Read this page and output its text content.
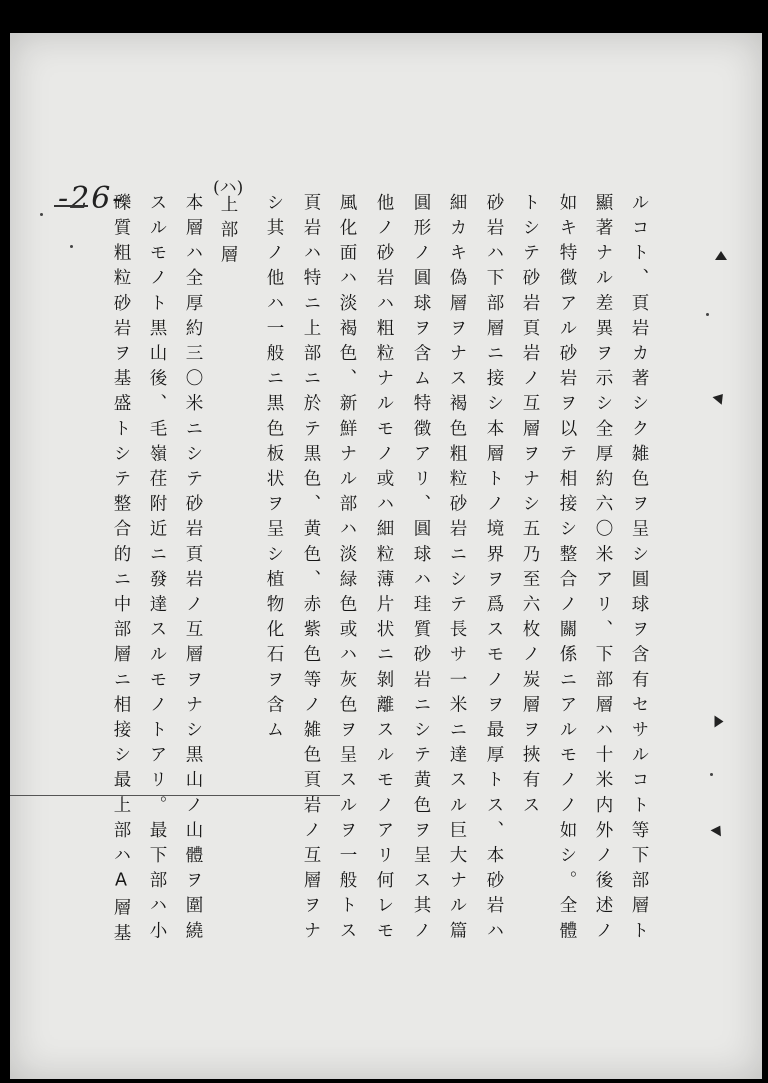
-26-	(ハ)
ルコト、頁岩カ著シク雑色ヲ呈シ圓球ヲ含有セサルコト等下部層ト
顯著ナル差異ヲ示シ全厚約六〇米アリ、下部層ハ十米内外ノ後述ノ
如キ特徴アル砂岩ヲ以テ相接シ整合ノ關係ニアルモノノ如シ。全體
トシテ砂岩頁岩ノ互層ヲナシ五乃至六枚ノ炭層ヲ挾有ス
砂岩ハ下部層ニ接シ本層トノ境界ヲ爲スモノヲ最厚トス、本砂岩ハ
細カキ偽層ヲナス褐色粗粒砂岩ニシテ長サ一米ニ達スル巨大ナル篇
圓形ノ圓球ヲ含ム特徴アリ、圓球ハ珪質砂岩ニシテ黄色ヲ呈ス其ノ
他ノ砂岩ハ粗粒ナルモノ或ハ細粒薄片状ニ剝離スルモノアリ何レモ
風化面ハ淡褐色、新鮮ナル部ハ淡緑色或ハ灰色ヲ呈スルヲ一般トス
頁岩ハ特ニ上部ニ於テ黒色、黄色、赤紫色等ノ雑色頁岩ノ互層ヲナ
シ其ノ他ハ一般ニ黒色板状ヲ呈シ植物化石ヲ含ム
上部層
本層ハ全厚約三〇米ニシテ砂岩頁岩ノ互層ヲナシ黒山ノ山體ヲ圍繞
スルモノト黒山後、毛嶺荏附近ニ發達スルモノトアリ。最下部ハ小
礫質粗粒砂岩ヲ基盛トシテ整合的ニ中部層ニ相接シ最上部ハA層基
